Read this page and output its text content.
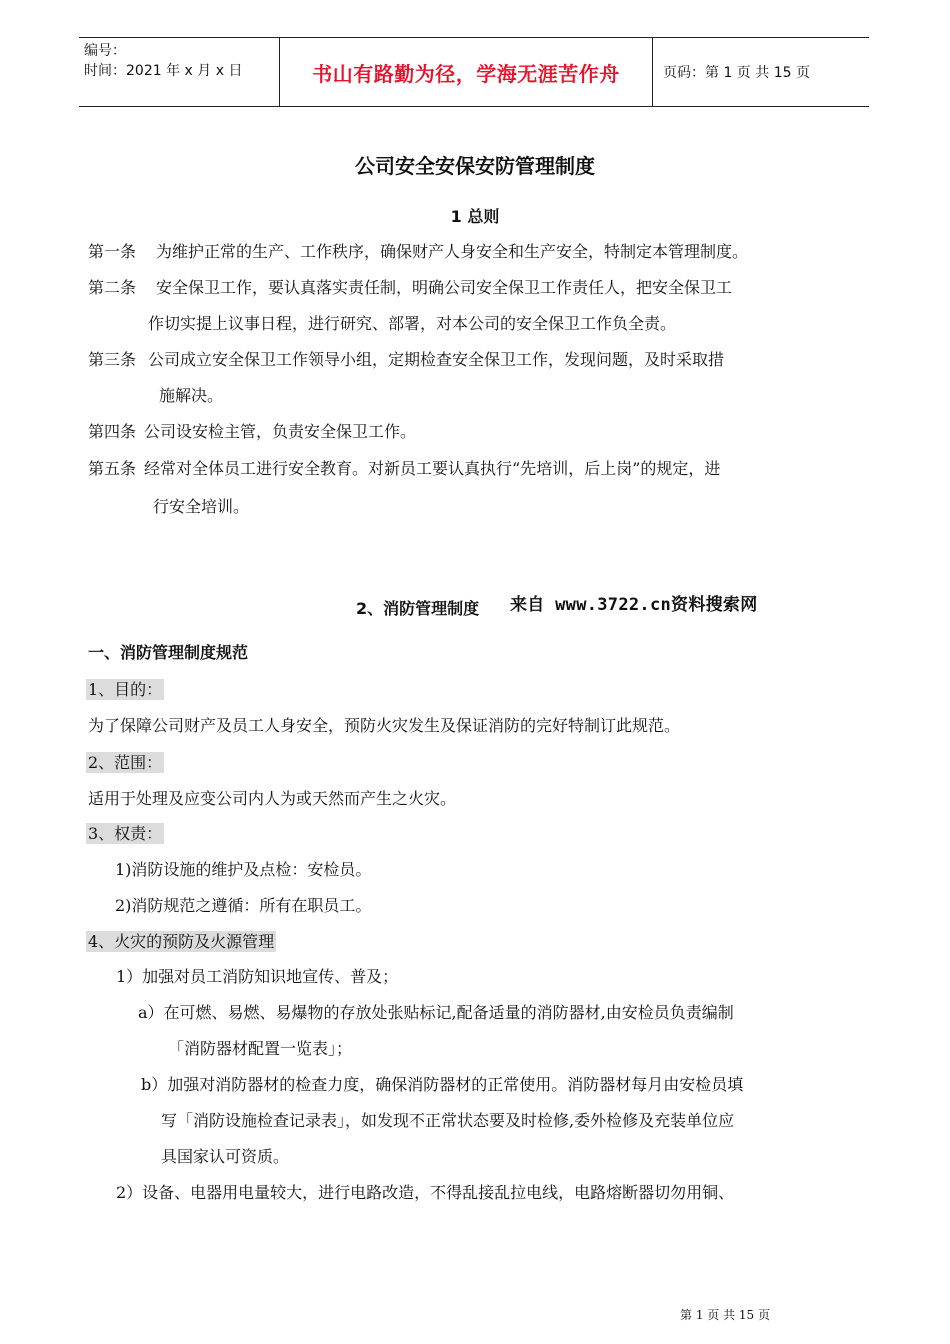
编号：
时间：2021 年 x 月 x 日	书山有路勤为径，学海无涯苦作舟	页码：第 1 页 共 15 页
公司安全安保安防管理制度
1 总则
第一条 为维护正常的生产、工作秩序，确保财产人身安全和生产安全，特制定本管理制度。
第二条 安全保卫工作，要认真落实责任制，明确公司安全保卫工作责任人，把安全保卫工
作切实提上议事日程，进行研究、部署，对本公司的安全保卫工作负全责。
第三条 公司成立安全保卫工作领导小组，定期检查安全保卫工作，发现问题，及时采取措
施解决。
第四条 公司设安检主管，负责安全保卫工作。
第五条 经常对全体员工进行安全教育。对新员工要认真执行“先培训，后上岗”的规定，进
行安全培训。
2、消防管理制度 来自 www.3722.cn资料搜索网
一、消防管理制度规范
1、目的：
为了保障公司财产及员工人身安全，预防火灾发生及保证消防的完好特制订此规范。
2、范围：
适用于处理及应变公司内人为或天然而产生之火灾。
3、权责：
1)消防设施的维护及点检：安检员。
2)消防规范之遵循：所有在职员工。
4、火灾的预防及火源管理
1）加强对员工消防知识地宣传、普及；
a）在可燃、易燃、易爆物的存放处张贴标记,配备适量的消防器材,由安检员负责编制
「消防器材配置一览表」；
b）加强对消防器材的检查力度，确保消防器材的正常使用。消防器材每月由安检员填
写「消防设施检查记录表」，如发现不正常状态要及时检修,委外检修及充装单位应
具国家认可资质。
2）设备、电器用电量较大，进行电路改造，不得乱接乱拉电线，电路熔断器切勿用铜、
第 1 页 共 15 页
